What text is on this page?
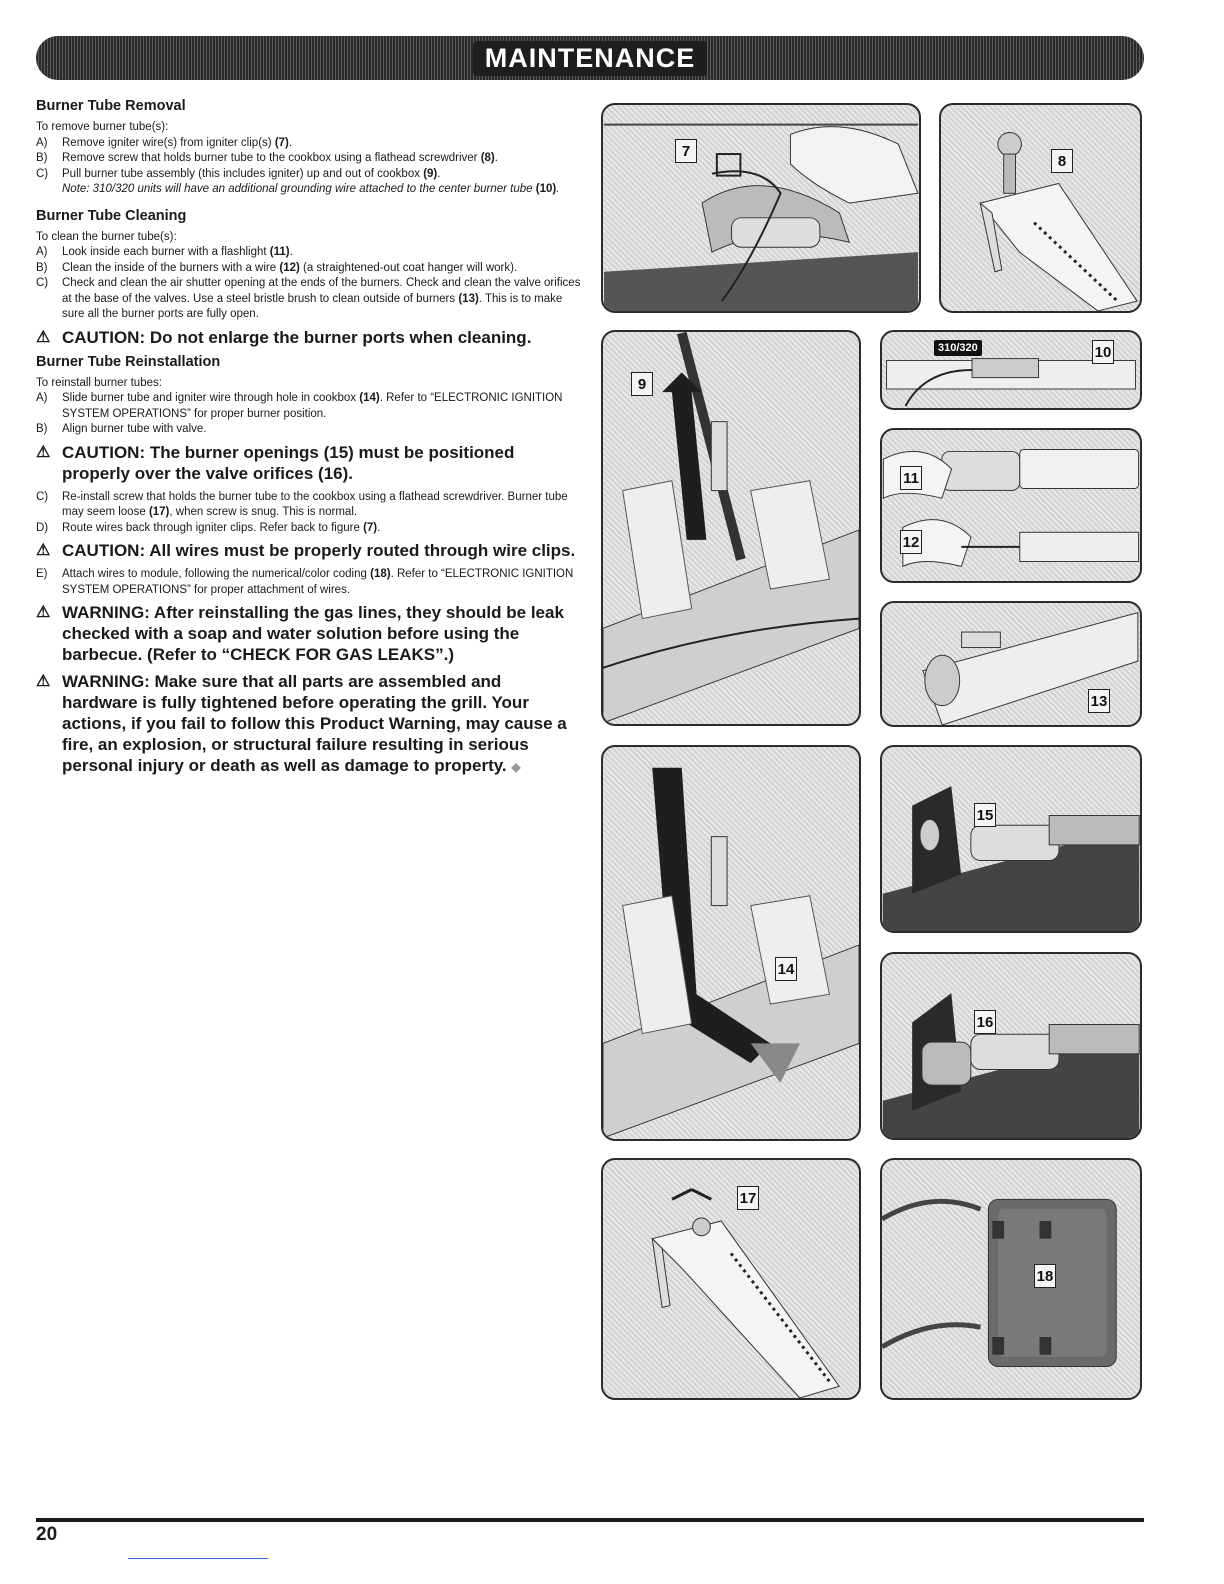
MAINTENANCE
Burner Tube Removal
To remove burner tube(s):
A)	Remove igniter wire(s) from igniter clip(s) (7).
B)	Remove screw that holds burner tube to the cookbox using a flathead screwdriver (8).
C)	Pull burner tube assembly (this includes igniter) up and out of cookbox (9).
Note: 310/320 units will have an additional grounding wire attached to the center burner tube (10).
Burner Tube Cleaning
To clean the burner tube(s):
A)	Look inside each burner with a flashlight (11).
B)	Clean the inside of the burners with a wire (12) (a straightened-out coat hanger will work).
C)	Check and clean the air shutter opening at the ends of the burners. Check and clean the valve orifices at the base of the valves. Use a steel bristle brush to clean outside of burners (13). This is to make sure all the burner ports are fully open.
⚠ CAUTION: Do not enlarge the burner ports when cleaning.
Burner Tube Reinstallation
To reinstall burner tubes:
A)	Slide burner tube and igniter wire through hole in cookbox (14). Refer to “ELECTRONIC IGNITION SYSTEM OPERATIONS” for proper burner position.
B)	Align burner tube with valve.
⚠ CAUTION: The burner openings (15) must be positioned properly over the valve orifices (16).
C)	Re-install screw that holds the burner tube to the cookbox using a flathead screwdriver. Burner tube may seem loose (17), when screw is snug. This is normal.
D)	Route wires back through igniter clips. Refer back to figure (7).
⚠ CAUTION: All wires must be properly routed through wire clips.
E)	Attach wires to module, following the numerical/color coding (18). Refer to “ELECTRONIC IGNITION SYSTEM OPERATIONS” for proper attachment of wires.
⚠ WARNING: After reinstalling the gas lines, they should be leak checked with a soap and water solution before using the barbecue. (Refer to “CHECK FOR GAS LEAKS”.)
⚠ WARNING: Make sure that all parts are assembled and hardware is fully tightened before operating the grill. Your actions, if you fail to follow this Product Warning, may cause a fire, an explosion, or structural failure resulting in serious personal injury or death as well as damage to property. ◆
7
8
9
310/320	10
11
12
13
14
15
16
17
18
20
